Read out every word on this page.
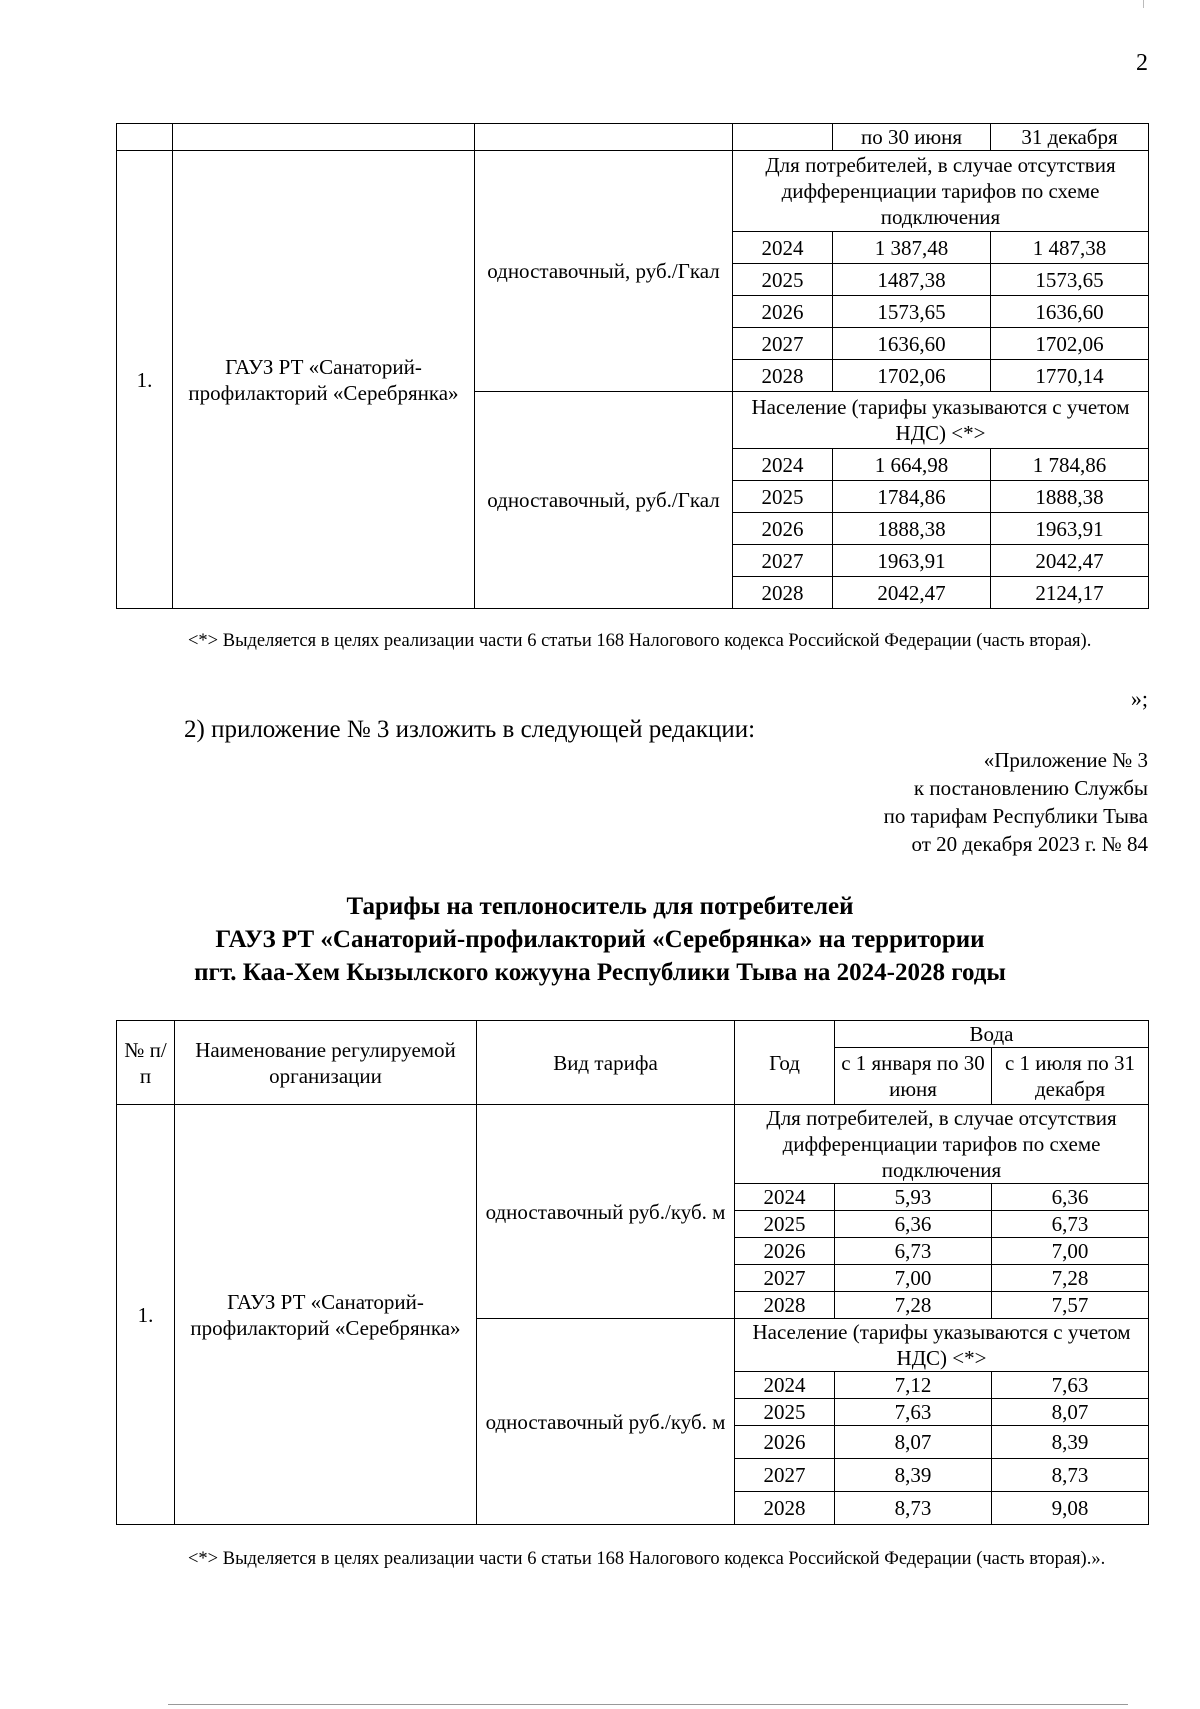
2
				по 30 июня	31 декабря
1.	ГАУЗ РТ «Санаторий-профилакторий «Серебрянка»	одноставочный, руб./Гкал	Для потребителей, в случае отсутствия дифференциации тарифов по схеме подключения		
			2024	1 387,48	1 487,38
			2025	1487,38	1573,65
			2026	1573,65	1636,60
			2027	1636,60	1702,06
			2028	1702,06	1770,14
		одноставочный, руб./Гкал	Население (тарифы указываются с учетом НДС) <*>		
			2024	1 664,98	1 784,86
			2025	1784,86	1888,38
			2026	1888,38	1963,91
			2027	1963,91	2042,47
			2028	2042,47	2124,17
<*> Выделяется в целях реализации части 6 статьи 168 Налогового кодекса Российской Федерации (часть вторая).
»;
2) приложение № 3 изложить в следующей редакции:
«Приложение № 3
к постановлению Службы
по тарифам Республики Тыва
от 20 декабря 2023 г. № 84
Тарифы на теплоноситель для потребителей
ГАУЗ РТ «Санаторий-профилакторий «Серебрянка» на территории
пгт. Каа-Хем Кызылского кожууна Республики Тыва на 2024-2028 годы
№ п/п	Наименование регулируемой организации	Вид тарифа	Год	Вода	
				с 1 января по 30 июня	с 1 июля по 31 декабря

1.	ГАУЗ РТ «Санаторий-профилакторий «Серебрянка»	одноставочный руб./куб. м	Для потребителей, в случае отсутствия дифференциации тарифов по схеме подключения		
			2024	5,93	6,36
			2025	6,36	6,73
			2026	6,73	7,00
			2027	7,00	7,28
			2028	7,28	7,57
		одноставочный руб./куб. м	Население (тарифы указываются с учетом НДС) <*>		
			2024	7,12	7,63
			2025	7,63	8,07
			2026	8,07	8,39
			2027	8,39	8,73
			2028	8,73	9,08
<*> Выделяется в целях реализации части 6 статьи 168 Налогового кодекса Российской Федерации (часть вторая).».
